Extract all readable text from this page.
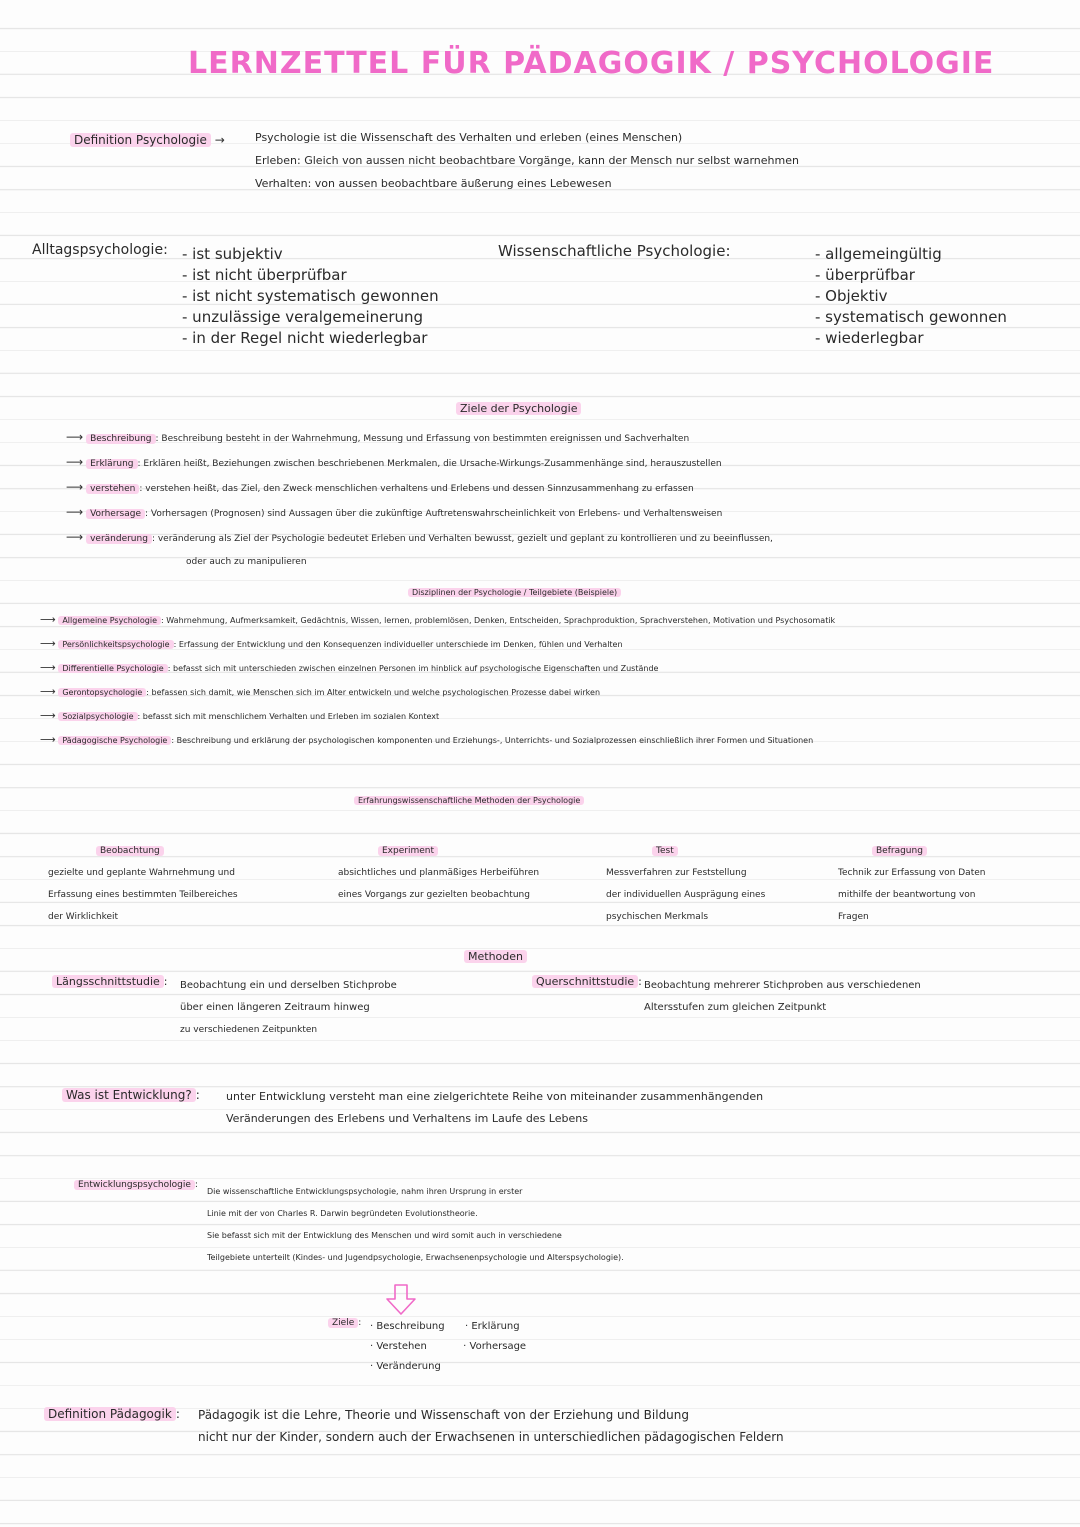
LERNZETTEL FÜR PÄDAGOGIK / PSYCHOLOGIE
Definition Psychologie →	Psychologie ist die Wissenschaft des Verhalten und erleben (eines Menschen)
Erleben: Gleich von aussen nicht beobachtbare Vorgänge, kann der Mensch nur selbst warnehmen
Verhalten: von aussen beobachtbare äußerung eines Lebewesen
Alltagspsychologie: - ist subjektiv
- ist nicht überprüfbar
- ist nicht systematisch gewonnen
- unzulässige veralgemeinerung
- in der Regel nicht wiederlegbar
Wissenschaftliche Psychologie:	- allgemeingültig
- überprüfbar
- Objektiv
- systematisch gewonnen
- wiederlegbar
Ziele der Psychologie
⟶ Beschreibung : Beschreibung besteht in der Wahrnehmung, Messung und Erfassung von bestimmten ereignissen und Sachverhalten
⟶ Erklärung : Erklären heißt, Beziehungen zwischen beschriebenen Merkmalen, die Ursache-Wirkungs-Zusammenhänge sind, herauszustellen
⟶ verstehen : verstehen heißt, das Ziel, den Zweck menschlichen verhaltens und Erlebens und dessen Sinnzusammenhang zu erfassen
⟶ Vorhersage : Vorhersagen (Prognosen) sind Aussagen über die zukünftige Auftretenswahrscheinlichkeit von Erlebens- und Verhaltensweisen
⟶ veränderung : veränderung als Ziel der Psychologie bedeutet Erleben und Verhalten bewusst, gezielt und geplant zu kontrollieren und zu beeinflussen,
oder auch zu manipulieren
Disziplinen der Psychologie / Teilgebiete (Beispiele)
⟶ Allgemeine Psychologie : Wahrnehmung, Aufmerksamkeit, Gedächtnis, Wissen, lernen, problemlösen, Denken, Entscheiden, Sprachproduktion, Sprachverstehen, Motivation und Psychosomatik
⟶ Persönlichkeitspsychologie : Erfassung der Entwicklung und den Konsequenzen individueller unterschiede im Denken, fühlen und Verhalten
⟶ Differentielle Psychologie : befasst sich mit unterschieden zwischen einzelnen Personen im hinblick auf psychologische Eigenschaften und Zustände
⟶ Gerontopsychologie : befassen sich damit, wie Menschen sich im Alter entwickeln und welche psychologischen Prozesse dabei wirken
⟶ Sozialpsychologie : befasst sich mit menschlichem Verhalten und Erleben im sozialen Kontext
⟶ Pädagogische Psychologie : Beschreibung und erklärung der psychologischen komponenten und Erziehungs-, Unterrichts- und Sozialprozessen einschließlich ihrer Formen und Situationen
Erfahrungswissenschaftliche Methoden der Psychologie
Beobachtung
gezielte und geplante Wahrnehmung und
Erfassung eines bestimmten Teilbereiches
der Wirklichkeit
Experiment
absichtliches und planmäßiges Herbeiführen
eines Vorgangs zur gezielten beobachtung
Test
Messverfahren zur Feststellung
der individuellen Ausprägung eines
psychischen Merkmals
Befragung
Technik zur Erfassung von Daten
mithilfe der beantwortung von
Fragen
Methoden
Längsschnittstudie : Beobachtung ein und derselben Stichprobe
über einen längeren Zeitraum hinweg
zu verschiedenen Zeitpunkten
Querschnittstudie : Beobachtung mehrerer Stichproben aus verschiedenen
Altersstufen zum gleichen Zeitpunkt
Was ist Entwicklung? : unter Entwicklung versteht man eine zielgerichtete Reihe von miteinander zusammenhängenden
Veränderungen des Erlebens und Verhaltens im Laufe des Lebens
Entwicklungspsychologie :
Die wissenschaftliche Entwicklungspsychologie, nahm ihren Ursprung in erster
Linie mit der von Charles R. Darwin begründeten Evolutionstheorie.
Sie befasst sich mit der Entwicklung des Menschen und wird somit auch in verschiedene
Teilgebiete unterteilt (Kindes- und Jugendpsychologie, Erwachsenenpsychologie und Alterspsychologie).
Ziele : · Beschreibung · Erklärung
· Verstehen	· Vorhersage
· Veränderung
Definition Pädagogik : Pädagogik ist die Lehre, Theorie und Wissenschaft von der Erziehung und Bildung
nicht nur der Kinder, sondern auch der Erwachsenen in unterschiedlichen pädagogischen Feldern
